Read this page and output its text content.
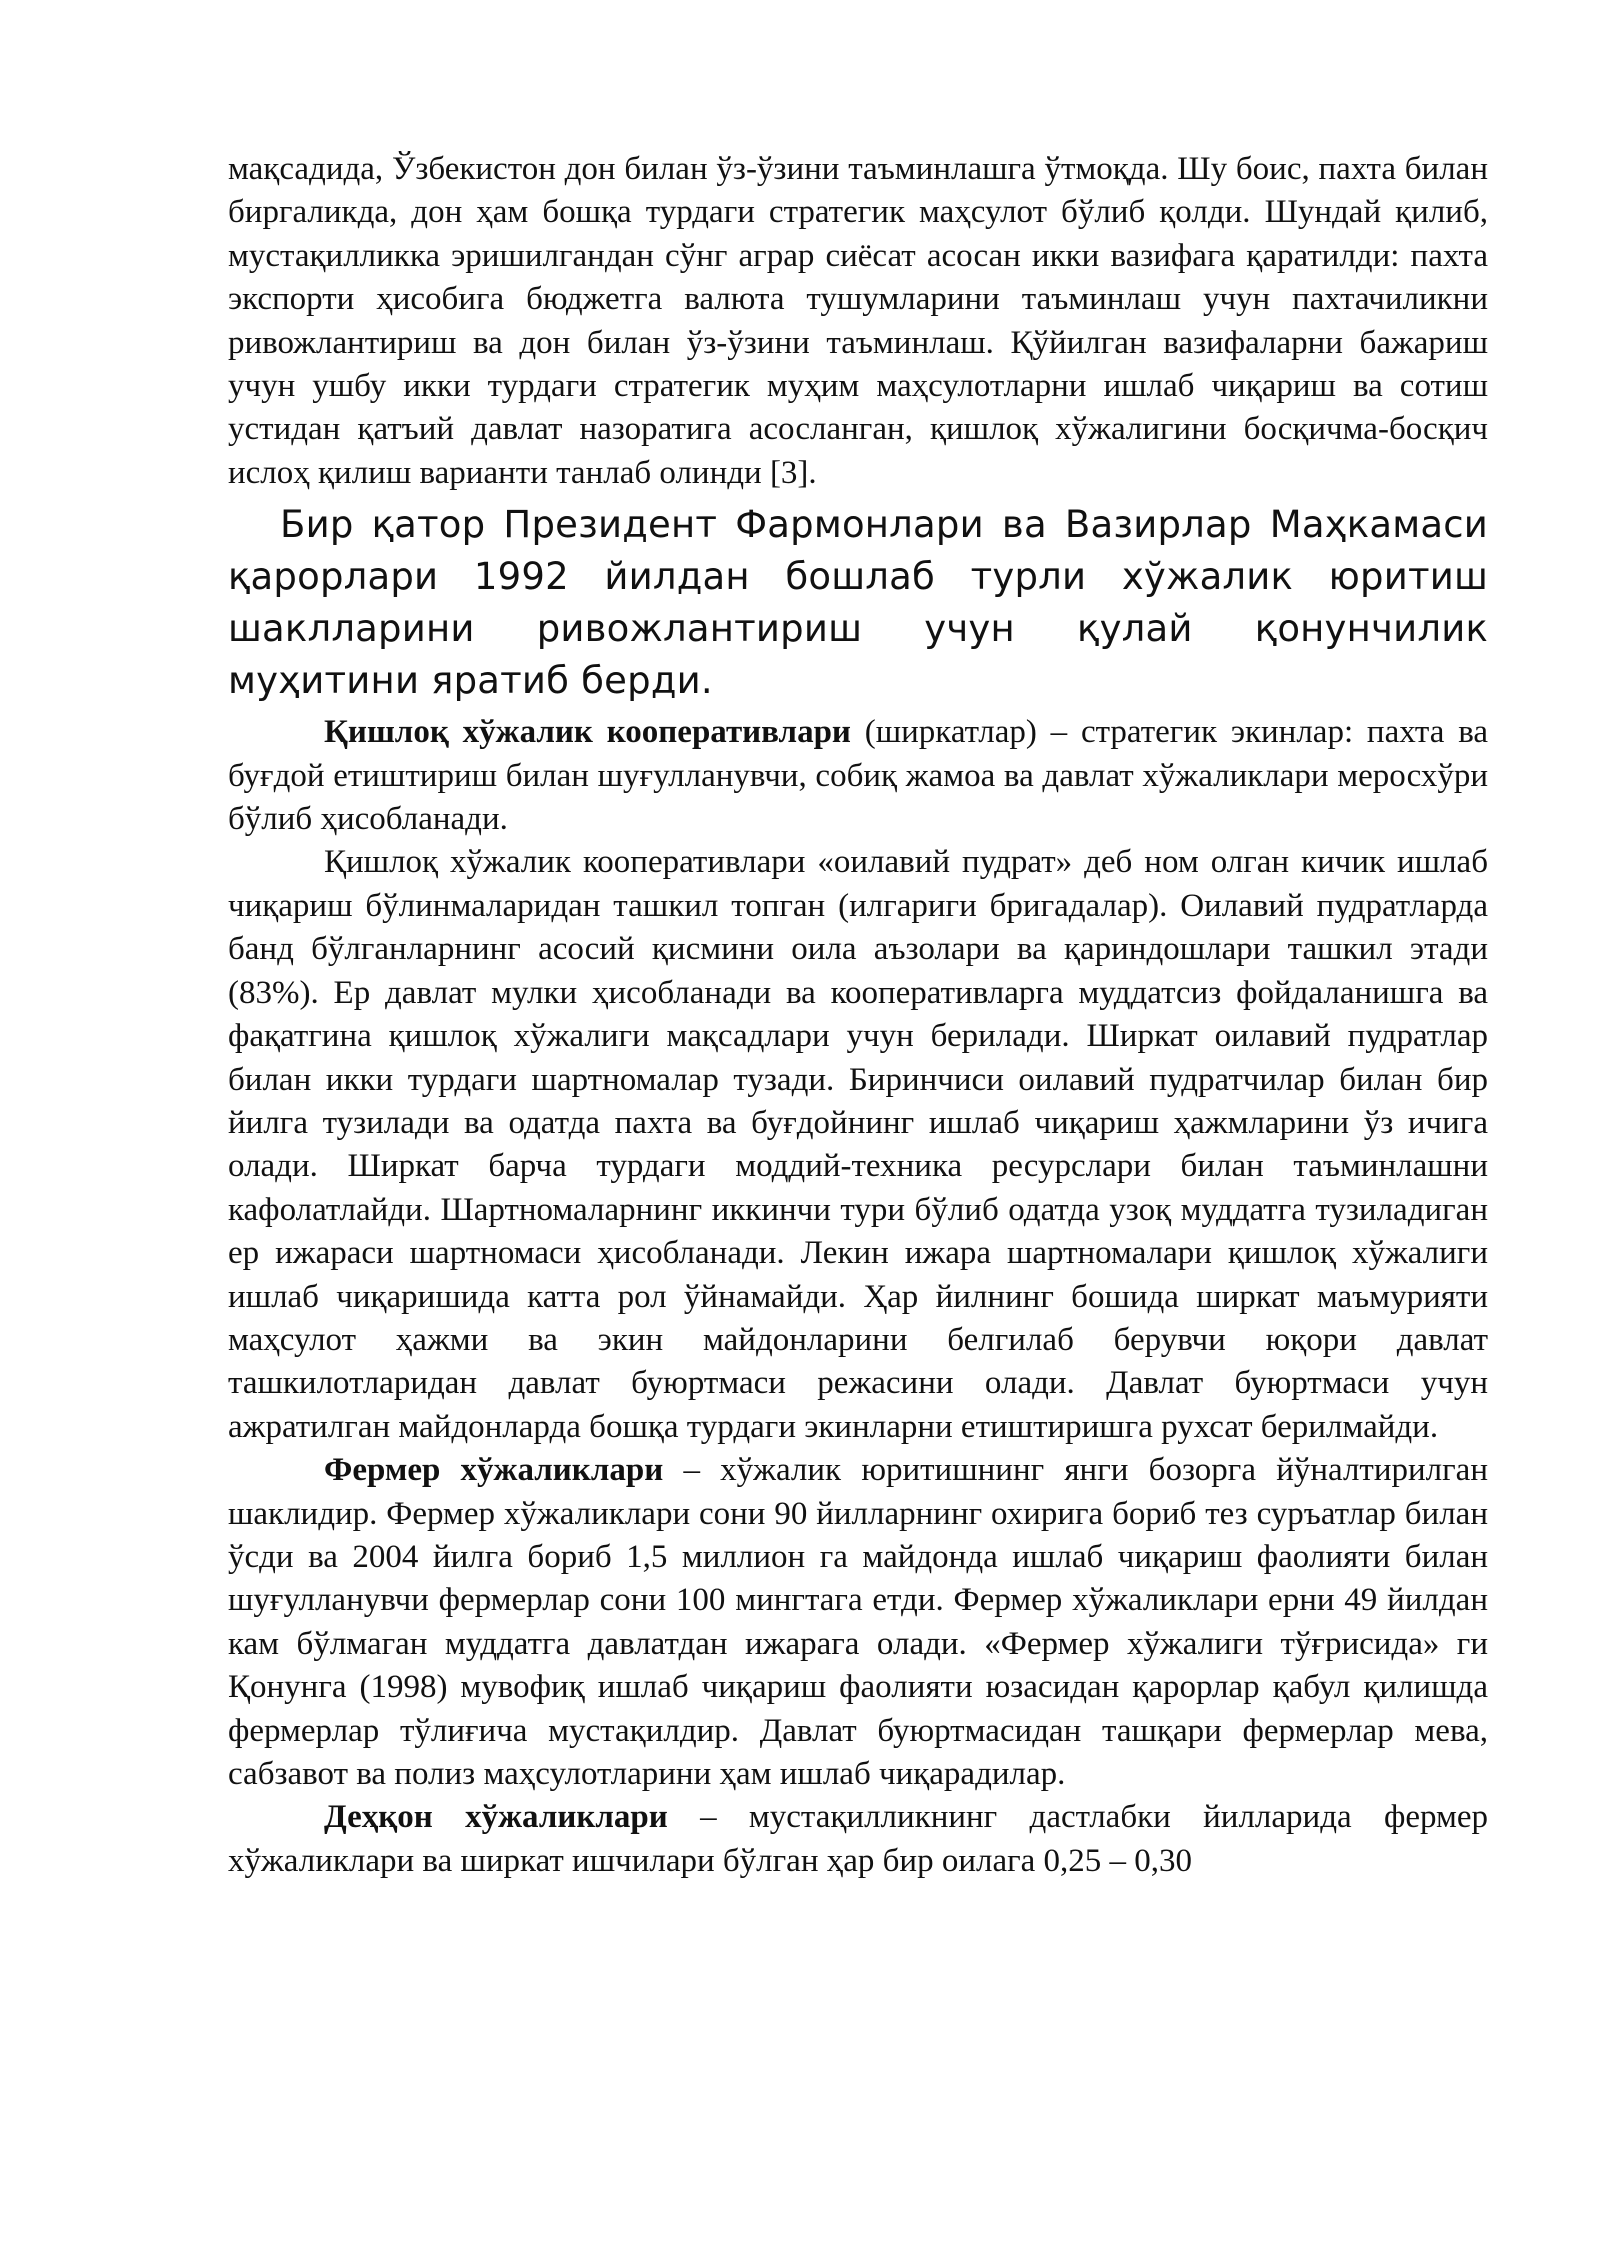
мақсадида, Ўзбекистон дон билан ўз-ўзини таъминлашга ўтмоқда. Шу боис, пахта билан биргаликда, дон ҳам бошқа турдаги стратегик маҳсулот бўлиб қолди. Шундай қилиб, мустақилликка эришилгандан сўнг аграр сиёсат асосан икки вазифага қаратилди: пахта экспорти ҳисобига бюджетга валюта тушумларини таъминлаш учун пахтачиликни ривожлантириш ва дон билан ўз-ўзини таъминлаш. Қўйилган вазифаларни бажариш учун ушбу икки турдаги стратегик муҳим маҳсулотларни ишлаб чиқариш ва сотиш устидан қатъий давлат назоратига асосланган, қишлоқ хўжалигини босқичма-босқич ислоҳ қилиш варианти танлаб олинди [3].

Бир қатор Президент Фармонлари ва Вазирлар Маҳкамаси қарорлари 1992 йилдан бошлаб турли хўжалик юритиш шаклларини ривожлантириш учун қулай қонунчилик муҳитини яратиб берди.

Қишлоқ хўжалик кооперативлари (ширкатлар) – стратегик экинлар: пахта ва буғдой етиштириш билан шуғулланувчи, собиқ жамоа ва давлат хўжаликлари меросхўри бўлиб ҳисобланади.

Қишлоқ хўжалик кооперативлари «оилавий пудрат» деб ном олган кичик ишлаб чиқариш бўлинмаларидан ташкил топган (илгариги бригадалар). Оилавий пудратларда банд бўлганларнинг асосий қисмини оила аъзолари ва қариндошлари ташкил этади (83%). Ер давлат мулки ҳисобланади ва кооперативларга муддатсиз фойдаланишга ва фақатгина қишлоқ хўжалиги мақсадлари учун берилади. Ширкат оилавий пудратлар билан икки турдаги шартномалар тузади. Биринчиси оилавий пудратчилар билан бир йилга тузилади ва одатда пахта ва буғдойнинг ишлаб чиқариш ҳажмларини ўз ичига олади. Ширкат барча турдаги моддий-техника ресурслари билан таъминлашни кафолатлайди. Шартномаларнинг иккинчи тури бўлиб одатда узоқ муддатга тузиладиган ер ижараси шартномаси ҳисобланади. Лекин ижара шартномалари қишлоқ хўжалиги ишлаб чиқаришида катта рол ўйнамайди. Ҳар йилнинг бошида ширкат маъмурияти маҳсулот ҳажми ва экин майдонларини белгилаб берувчи юқори давлат ташкилотларидан давлат буюртмаси режасини олади. Давлат буюртмаси учун ажратилган майдонларда бошқа турдаги экинларни етиштиришга рухсат берилмайди.

Фермер хўжаликлари – хўжалик юритишнинг янги бозорга йўналтирилган шаклидир. Фермер хўжаликлари сони 90 йилларнинг охирига бориб тез суръатлар билан ўсди ва 2004 йилга бориб 1,5 миллион га майдонда ишлаб чиқариш фаолияти билан шуғулланувчи фермерлар сони 100 мингтага етди. Фермер хўжаликлари ерни 49 йилдан кам бўлмаган муддатга давлатдан ижарага олади. «Фермер хўжалиги тўғрисида» ги Қонунга (1998) мувофиқ ишлаб чиқариш фаолияти юзасидан қарорлар қабул қилишда фермерлар тўлиғича мустақилдир. Давлат буюртмасидан ташқари фермерлар мева, сабзавот ва полиз маҳсулотларини ҳам ишлаб чиқарадилар.

Деҳқон хўжаликлари – мустақилликнинг дастлабки йилларида фермер хўжаликлари ва ширкат ишчилари бўлган ҳар бир оилага 0,25 – 0,30
